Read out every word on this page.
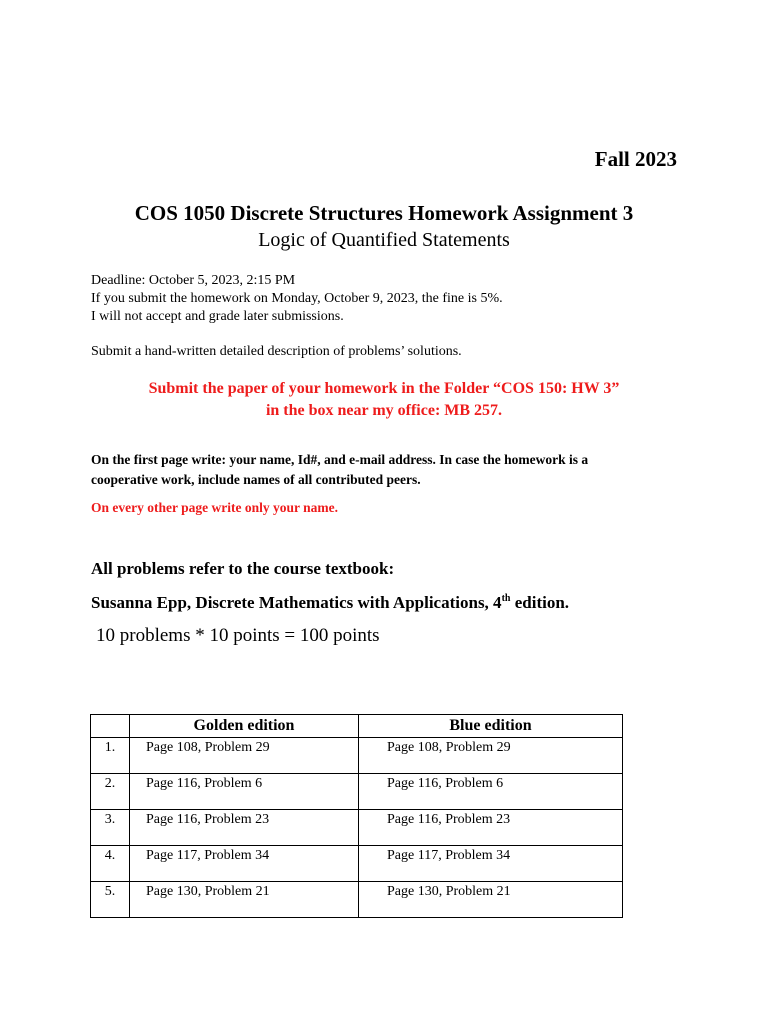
Fall 2023
COS 1050 Discrete Structures Homework Assignment 3
Logic of Quantified Statements
Deadline: October 5, 2023, 2:15 PM
If you submit the homework on Monday, October 9, 2023, the fine is 5%.
I will not accept and grade later submissions.
Submit a hand-written detailed description of problems’ solutions.
Submit the paper of your homework in the Folder “COS 150: HW 3”
in the box near my office: MB 257.
On the first page write: your name, Id#, and e-mail address. In case the homework is a
cooperative work, include names of all contributed peers.
On every other page write only your name.
All problems refer to the course textbook:
Susanna Epp, Discrete Mathematics with Applications, 4th edition.
10 problems * 10 points = 100 points
	Golden edition	Blue edition
1.	Page 108, Problem 29	Page 108, Problem 29
2.	Page 116, Problem 6	Page 116, Problem 6
3.	Page 116, Problem 23	Page 116, Problem 23
4.	Page 117, Problem 34	Page 117, Problem 34
5.	Page 130, Problem 21	Page 130, Problem 21
